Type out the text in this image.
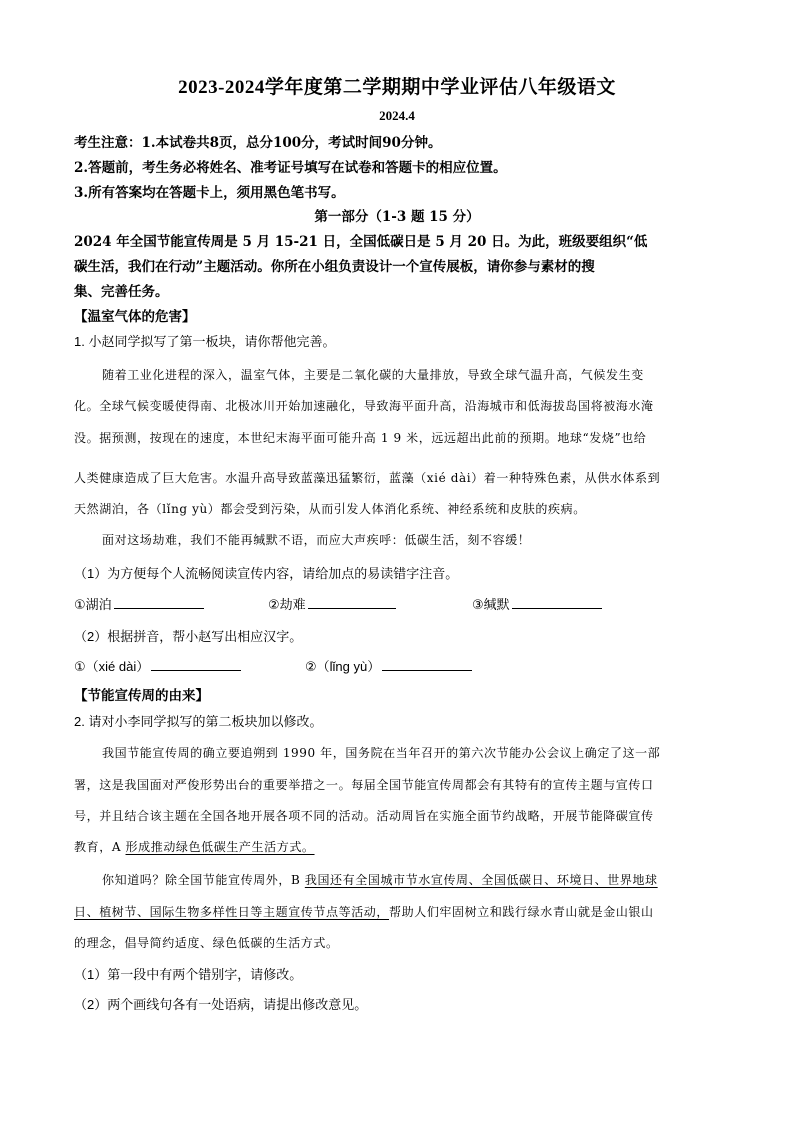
2023-2024学年度第二学期期中学业评估八年级语文
2024.4
考生注意：1.本试卷共8页，总分100分，考试时间90分钟。
2.答题前，考生务必将姓名、准考证号填写在试卷和答题卡的相应位置。
3.所有答案均在答题卡上，须用黑色笔书写。
第一部分（1-3 题 15 分）
2024 年全国节能宣传周是 5 月 15-21 日，全国低碳日是 5 月 20 日。为此，班级要组织“低
碳生活，我们在行动”主题活动。你所在小组负责设计一个宣传展板，请你参与素材的搜
集、完善任务。
【温室气体的危害】
1. 小赵同学拟写了第一板块，请你帮他完善。
随着工业化进程的深入，温室气体，主要是二氧化碳的大量排放，导致全球气温升高，气候发生变
化。全球气候变暖使得南、北极冰川开始加速融化，导致海平面升高，沿海城市和低海拔岛国将被海水淹
没。据预测，按现在的速度，本世纪末海平面可能升高 1 9 米，远远超出此前的预期。地球“发烧”也给
人类健康造成了巨大危害。水温升高导致蓝藻迅猛繁衍，蓝藻（xié dài）着一种特殊色素，从供水体系到
天然湖泊，各（lǐng yù）都会受到污染，从而引发人体消化系统、神经系统和皮肤的疾病。
面对这场劫难，我们不能再缄默不语，而应大声疾呼：低碳生活，刻不容缓！
（1）为方便每个人流畅阅读宣传内容，请给加点的易读错字注音。
①湖泊	②劫难	③缄默
（2）根据拼音，帮小赵写出相应汉字。
①（xié dài）	②（lǐng yù）
【节能宣传周的由来】
2. 请对小李同学拟写的第二板块加以修改。
我国节能宣传周的确立要追朔到 1990 年，国务院在当年召开的第六次节能办公会议上确定了这一部
署，这是我国面对严俊形势出台的重要举措之一。每届全国节能宣传周都会有其特有的宣传主题与宣传口
号，并且结合该主题在全国各地开展各项不同的活动。活动周旨在实施全面节约战略，开展节能降碳宣传
教育，A 形成推动绿色低碳生产生活方式。
你知道吗？除全国节能宣传周外，B 我国还有全国城市节水宣传周、全国低碳日、环境日、世界地球
日、植树节、国际生物多样性日等主题宣传节点等活动，帮助人们牢固树立和践行绿水青山就是金山银山
的理念，倡导简约适度、绿色低碳的生活方式。
（1）第一段中有两个错别字，请修改。
（2）两个画线句各有一处语病，请提出修改意见。
